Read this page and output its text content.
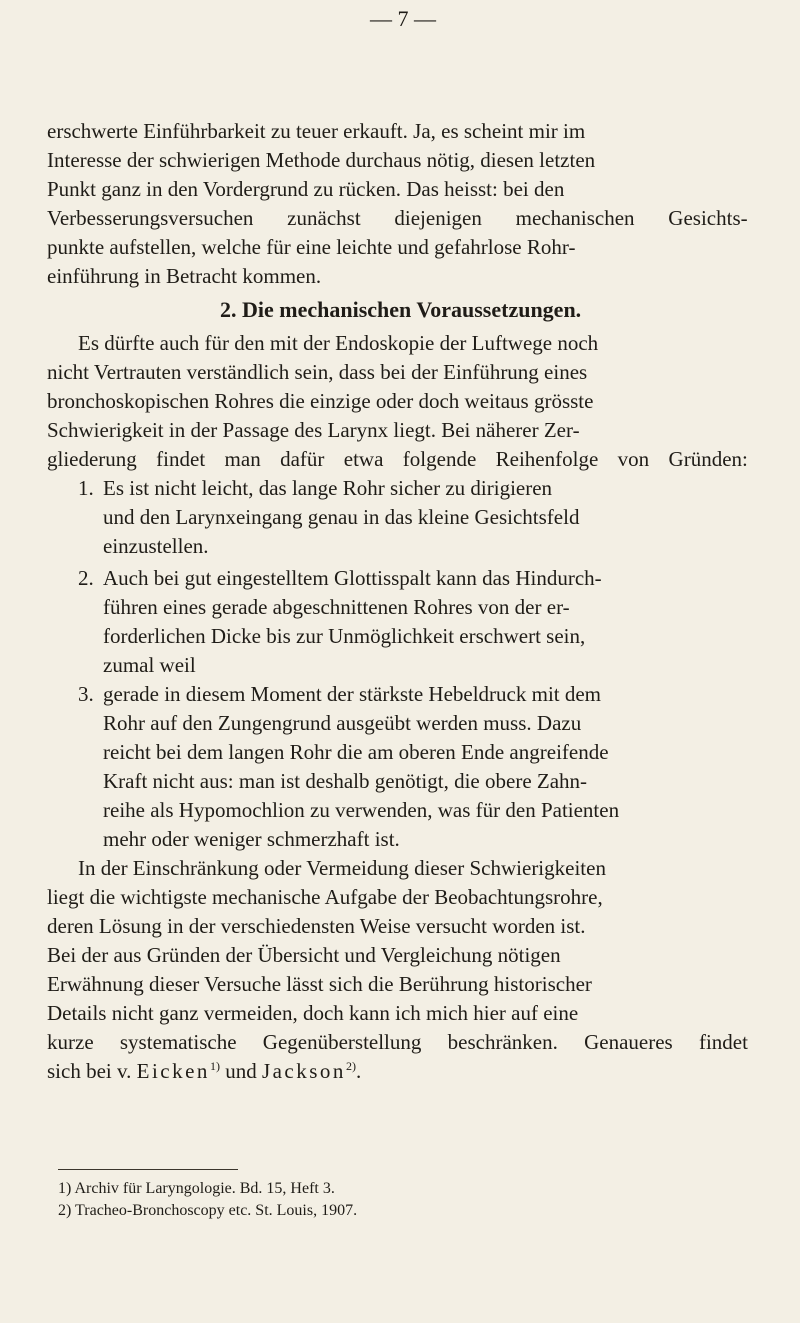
— 7 —
erschwerte Einführbarkeit zu teuer erkauft. Ja, es scheint mir im
Interesse der schwierigen Methode durchaus nötig, diesen letzten
Punkt ganz in den Vordergrund zu rücken. Das heisst: bei den
Verbesserungsversuchen zunächst diejenigen mechanischen Gesichts-
punkte aufstellen, welche für eine leichte und gefahrlose Rohr-
einführung in Betracht kommen.
2. Die mechanischen Voraussetzungen.
Es dürfte auch für den mit der Endoskopie der Luftwege noch
nicht Vertrauten verständlich sein, dass bei der Einführung eines
bronchoskopischen Rohres die einzige oder doch weitaus grösste
Schwierigkeit in der Passage des Larynx liegt. Bei näherer Zer-
gliederung findet man dafür etwa folgende Reihenfolge von Gründen:
1. Es ist nicht leicht, das lange Rohr sicher zu dirigieren
und den Larynxeingang genau in das kleine Gesichtsfeld
einzustellen.
2. Auch bei gut eingestelltem Glottisspalt kann das Hindurch-
führen eines gerade abgeschnittenen Rohres von der er-
forderlichen Dicke bis zur Unmöglichkeit erschwert sein,
zumal weil
3. gerade in diesem Moment der stärkste Hebeldruck mit dem
Rohr auf den Zungengrund ausgeübt werden muss. Dazu
reicht bei dem langen Rohr die am oberen Ende angreifende
Kraft nicht aus: man ist deshalb genötigt, die obere Zahn-
reihe als Hypomochlion zu verwenden, was für den Patienten
mehr oder weniger schmerzhaft ist.
In der Einschränkung oder Vermeidung dieser Schwierigkeiten
liegt die wichtigste mechanische Aufgabe der Beobachtungsrohre,
deren Lösung in der verschiedensten Weise versucht worden ist.
Bei der aus Gründen der Übersicht und Vergleichung nötigen
Erwähnung dieser Versuche lässt sich die Berührung historischer
Details nicht ganz vermeiden, doch kann ich mich hier auf eine
kurze systematische Gegenüberstellung beschränken. Genaueres findet
sich bei v. Eicken$^{1)}$ und Jackson$^{2)}$.
1) Archiv für Laryngologie. Bd. 15, Heft 3.
2) Tracheo-Bronchoscopy etc. St. Louis, 1907.
